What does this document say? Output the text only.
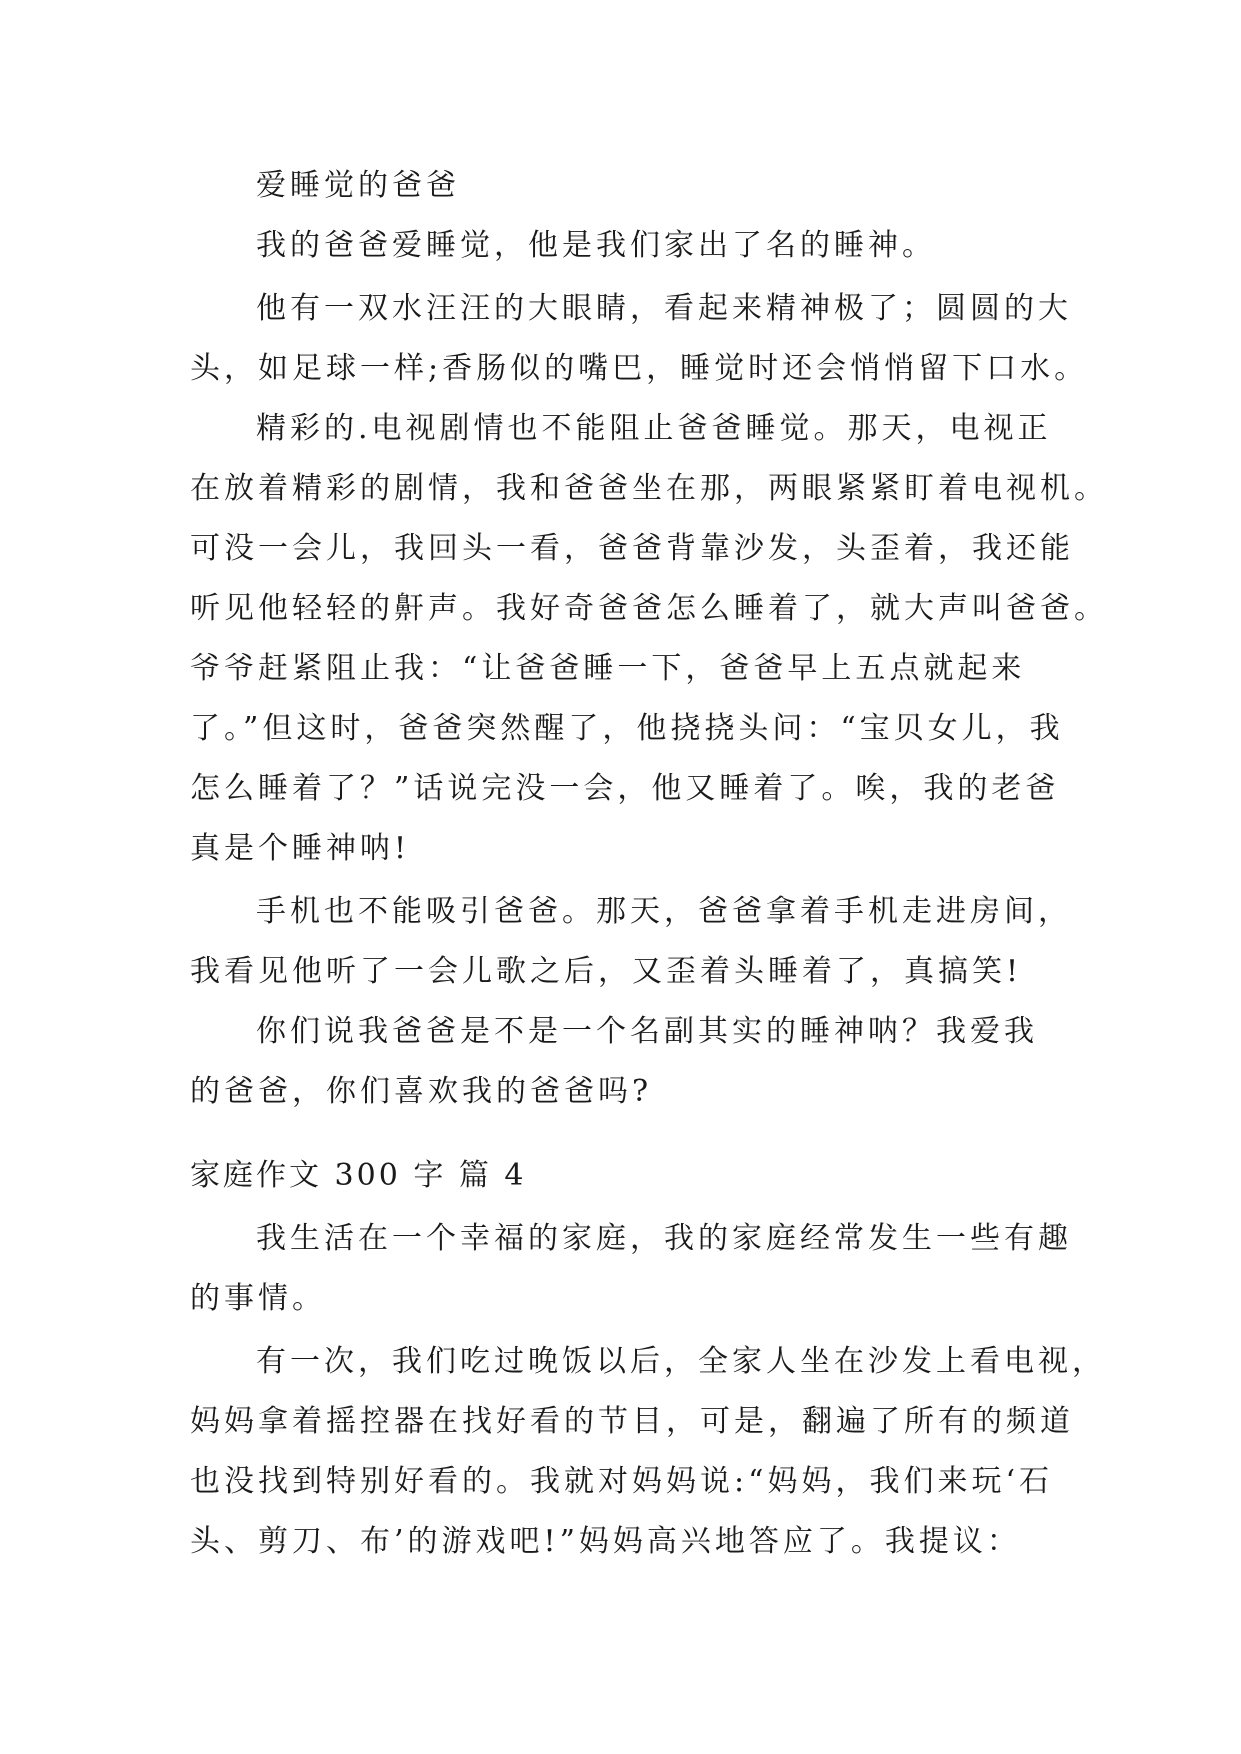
爱睡觉的爸爸
我的爸爸爱睡觉，他是我们家出了名的睡神。
他有一双水汪汪的大眼睛，看起来精神极了；圆圆的大
头，如足球一样;香肠似的嘴巴，睡觉时还会悄悄留下口水。
精彩的.电视剧情也不能阻止爸爸睡觉。那天，电视正
在放着精彩的剧情，我和爸爸坐在那，两眼紧紧盯着电视机。
可没一会儿，我回头一看，爸爸背靠沙发，头歪着，我还能
听见他轻轻的鼾声。我好奇爸爸怎么睡着了，就大声叫爸爸。
爷爷赶紧阻止我：“让爸爸睡一下，爸爸早上五点就起来
了。”但这时，爸爸突然醒了，他挠挠头问：“宝贝女儿，我
怎么睡着了？”话说完没一会，他又睡着了。唉，我的老爸
真是个睡神呐!
手机也不能吸引爸爸。那天，爸爸拿着手机走进房间，
我看见他听了一会儿歌之后，又歪着头睡着了，真搞笑!
你们说我爸爸是不是一个名副其实的睡神呐？我爱我
的爸爸，你们喜欢我的爸爸吗?
家庭作文 300 字 篇 4
我生活在一个幸福的家庭，我的家庭经常发生一些有趣
的事情。
有一次，我们吃过晚饭以后，全家人坐在沙发上看电视，
妈妈拿着摇控器在找好看的节目，可是，翻遍了所有的频道
也没找到特别好看的。我就对妈妈说:“妈妈，我们来玩‘石
头、剪刀、布’的游戏吧!”妈妈高兴地答应了。我提议：
